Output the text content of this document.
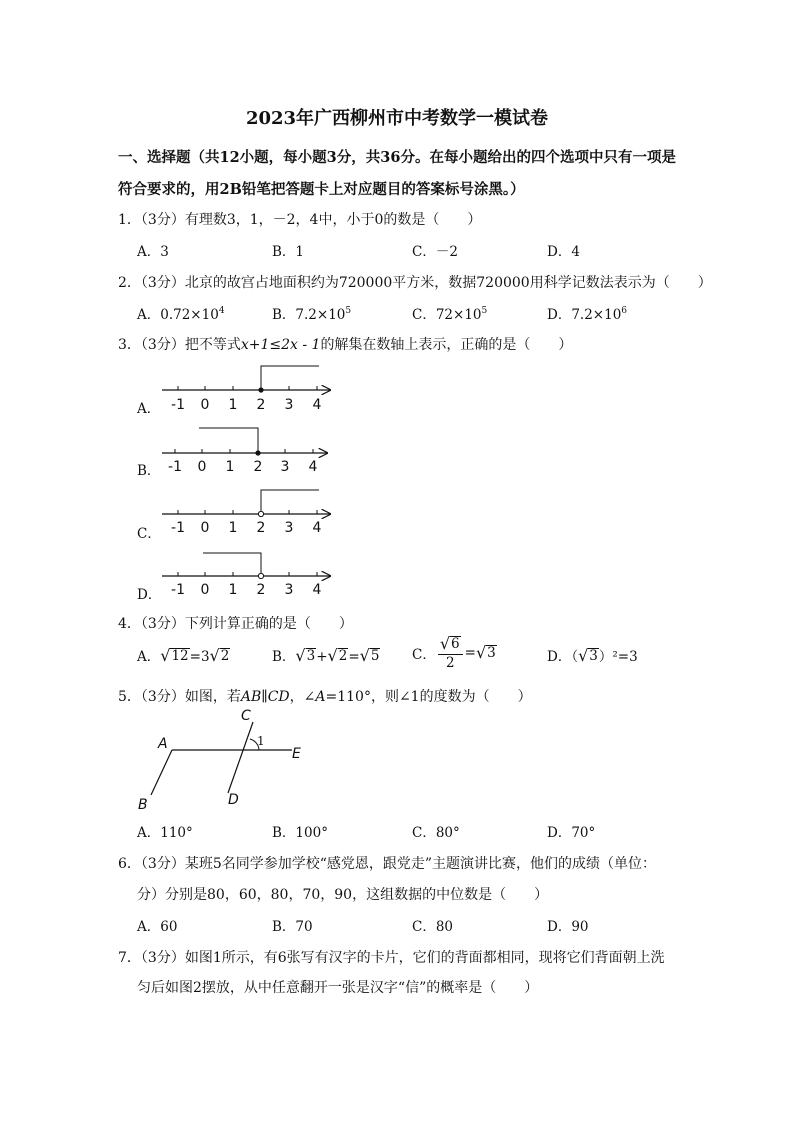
2023年广西柳州市中考数学一模试卷
一、选择题（共12小题，每小题3分，共36分。在每小题给出的四个选项中只有一项是
符合要求的，用2B铅笔把答题卡上对应题目的答案标号涂黑。）
1．（3分）有理数3，1，－2，4中，小于0的数是（　　）
A．3	B．1	C．－2	D．4
2．（3分）北京的故宫占地面积约为720000平方米，数据720000用科学记数法表示为（　　）
A．$0.72\times 10^4$	B．$7.2\times 10^5$	C．$72\times 10^5$	D．$7.2\times 10^6$
3．（3分）把不等式x+1≤2x - 1的解集在数轴上表示，正确的是（　　）
A．
B．
C．
D．
-1 0 1 2 3 4
-1 0 1 2 3 4
-1 0 1 2 3 4
-1 0 1 2 3 4
4．（3分）下列计算正确的是（　　）
A． √ 12 =3 √ 2	B． √ 3 + √ 2 = √ 5 C． $\frac{√ 6}{2}$ = √ 3	D．（ √ 3 ）²=3
5．（3分）如图，若AB∥CD，∠A=110°，则∠1的度数为（　　）
A
B
C
D
E
1
A．110°	B．100°	C．80°	D．70°
6．（3分）某班5名同学参加学校“感党恩，跟党走”主题演讲比赛，他们的成绩（单位：
分）分别是80，60，80，70，90，这组数据的中位数是（　　）
A．60	B．70	C．80	D．90
7．（3分）如图1所示，有6张写有汉字的卡片，它们的背面都相同，现将它们背面朝上洗
匀后如图2摆放，从中任意翻开一张是汉字“信”的概率是（　　）
